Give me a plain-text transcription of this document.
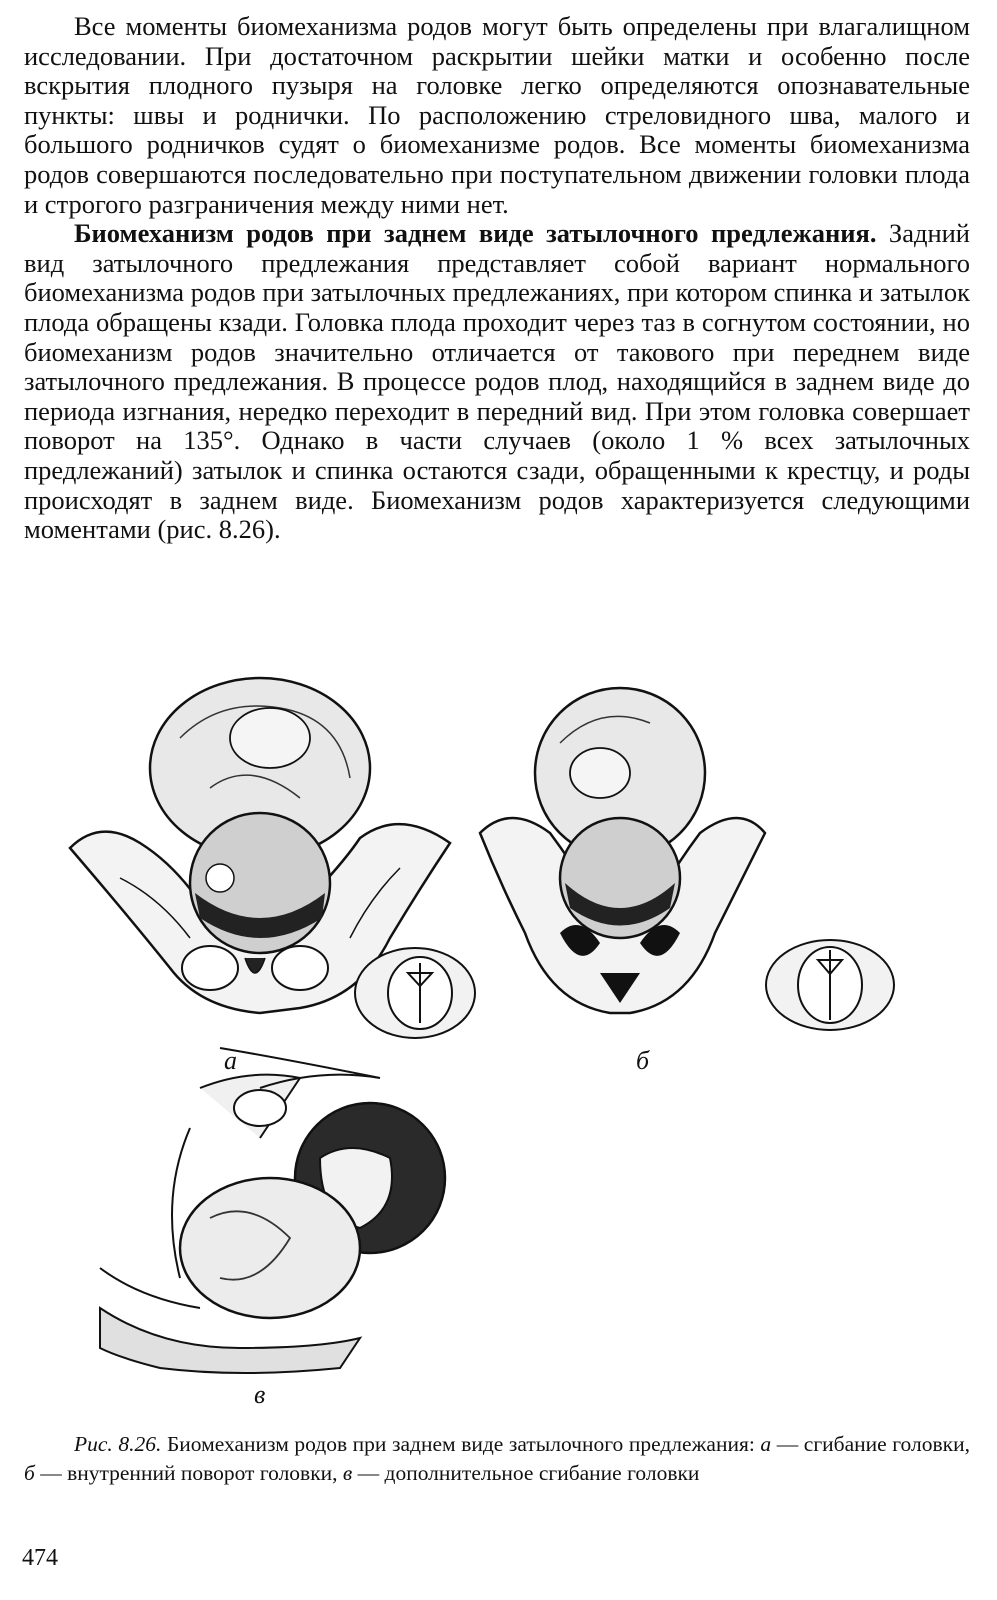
Все моменты биомеханизма родов могут быть определены при влагалищном исследовании. При достаточном раскрытии шейки матки и особенно после вскрытия плодного пузыря на головке легко определяются опознавательные пункты: швы и роднички. По расположению стреловидного шва, малого и большого родничков судят о биомеханизме родов. Все моменты биомеханизма родов совершаются последовательно при поступательном движении головки плода и строгого разграничения между ними нет.

Биомеханизм родов при заднем виде затылочного предлежания. Задний вид затылочного предлежания представляет собой вариант нормального биомеханизма родов при затылочных предлежаниях, при котором спинка и затылок плода обращены кзади. Головка плода проходит через таз в согнутом состоянии, но биомеханизм родов значительно отличается от такового при переднем виде затылочного предлежания. В процессе родов плод, находящийся в заднем виде до периода изгнания, нередко переходит в передний вид. При этом головка совершает поворот на 135°. Однако в части случаев (около 1 % всех затылочных предлежаний) затылок и спинка остаются сзади, обращенными к крестцу, и роды происходят в заднем виде. Биомеханизм родов характеризуется следующими моментами (рис. 8.26).

а	б
в
Рис. 8.26. Биомеханизм родов при заднем виде затылочного предлежания: а — сгибание головки, б — внутренний поворот головки, в — дополнительное сгибание головки
474
